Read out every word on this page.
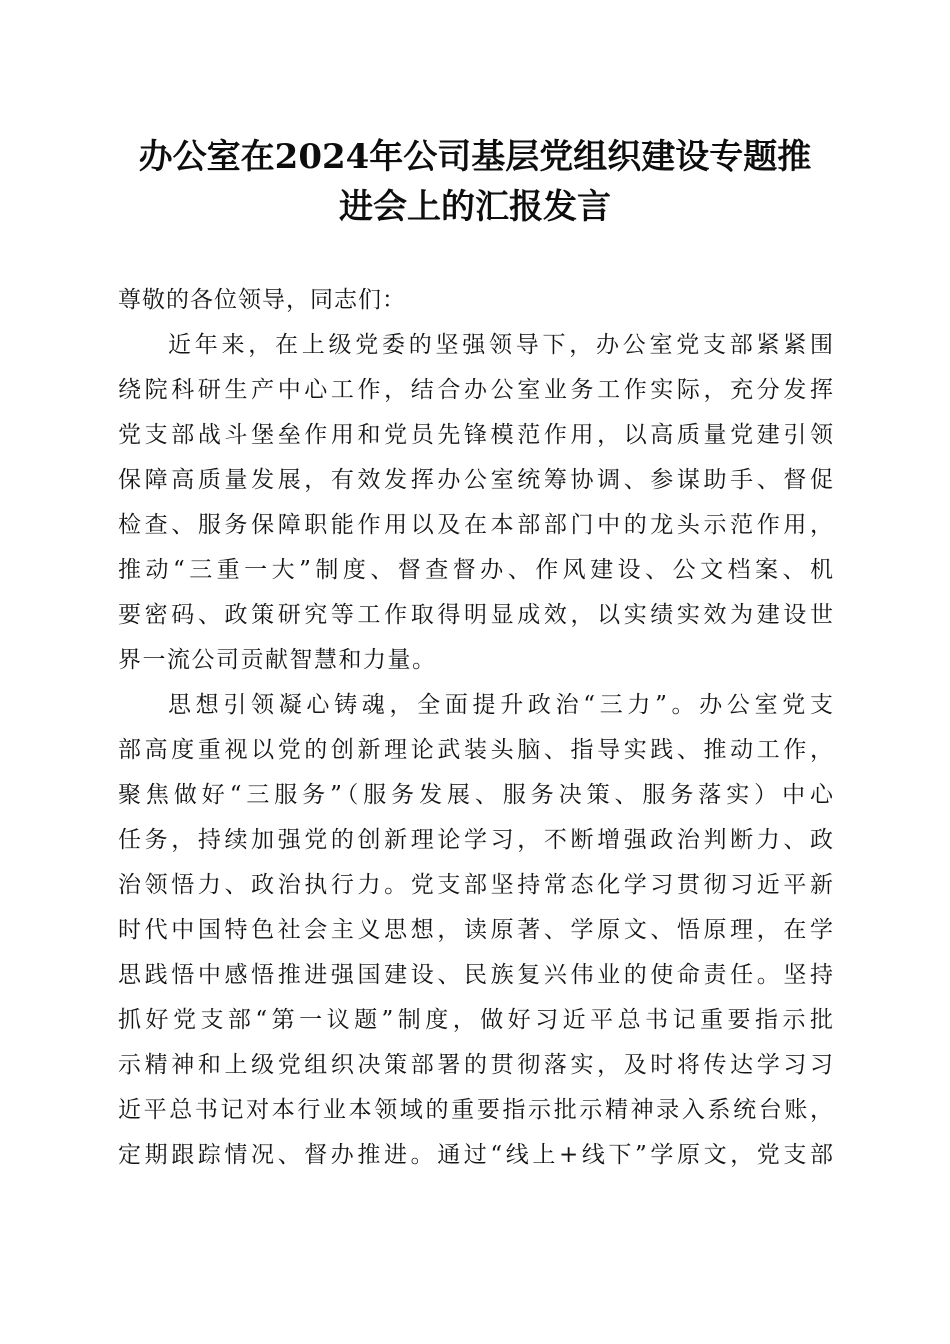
办公室在2024年公司基层党组织建设专题推
进会上的汇报发言

尊敬的各位领导，同志们：

近年来，在上级党委的坚强领导下，办公室党支部紧紧围
绕院科研生产中心工作，结合办公室业务工作实际，充分发挥
党支部战斗堡垒作用和党员先锋模范作用，以高质量党建引领
保障高质量发展，有效发挥办公室统筹协调、参谋助手、督促
检查、服务保障职能作用以及在本部部门中的龙头示范作用，
推动“三重一大”制度、督查督办、作风建设、公文档案、机
要密码、政策研究等工作取得明显成效，以实绩实效为建设世
界一流公司贡献智慧和力量。
思想引领凝心铸魂，全面提升政治“三力”。办公室党支
部高度重视以党的创新理论武装头脑、指导实践、推动工作，
聚焦做好“三服务”（服务发展、服务决策、服务落实）中心
任务，持续加强党的创新理论学习，不断增强政治判断力、政
治领悟力、政治执行力。党支部坚持常态化学习贯彻习近平新
时代中国特色社会主义思想，读原著、学原文、悟原理，在学
思践悟中感悟推进强国建设、民族复兴伟业的使命责任。坚持
抓好党支部“第一议题”制度，做好习近平总书记重要指示批
示精神和上级党组织决策部署的贯彻落实，及时将传达学习习
近平总书记对本行业本领域的重要指示批示精神录入系统台账，
定期跟踪情况、督办推进。通过“线上+线下”学原文，党支部
